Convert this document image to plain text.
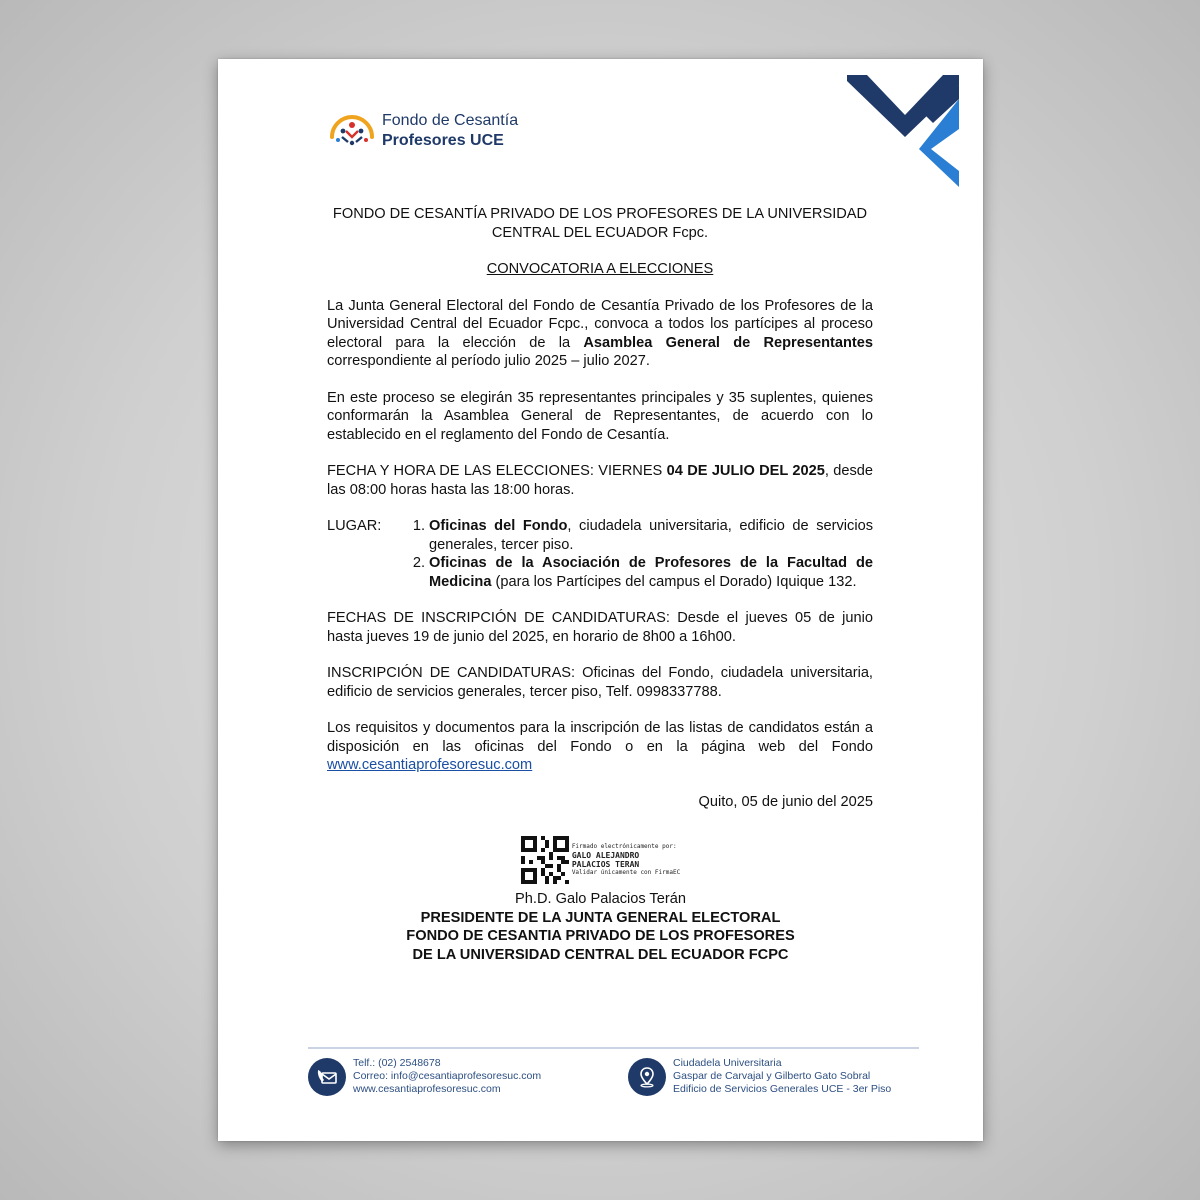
Fondo de Cesantía
Profesores UCE
FONDO DE CESANTÍA PRIVADO DE LOS PROFESORES DE LA UNIVERSIDAD
CENTRAL DEL ECUADOR Fcpc.
CONVOCATORIA A ELECCIONES
La Junta General Electoral del Fondo de Cesantía Privado de los Profesores de la Universidad Central del Ecuador Fcpc., convoca a todos los partícipes al proceso electoral para la elección de la Asamblea General de Representantes correspondiente al período julio 2025 – julio 2027.
En este proceso se elegirán 35 representantes principales y 35 suplentes, quienes conformarán la Asamblea General de Representantes, de acuerdo con lo establecido en el reglamento del Fondo de Cesantía.
FECHA Y HORA DE LAS ELECCIONES: VIERNES 04 DE JULIO DEL 2025, desde las 08:00 horas hasta las 18:00 horas.
LUGAR:	1. Oficinas del Fondo, ciudadela universitaria, edificio de servicios generales, tercer piso.
2. Oficinas de la Asociación de Profesores de la Facultad de Medicina (para los Partícipes del campus el Dorado) Iquique 132.
FECHAS DE INSCRIPCIÓN DE CANDIDATURAS: Desde el jueves 05 de junio hasta jueves 19 de junio del 2025, en horario de 8h00 a 16h00.
INSCRIPCIÓN DE CANDIDATURAS: Oficinas del Fondo, ciudadela universitaria, edificio de servicios generales, tercer piso, Telf. 0998337788.
Los requisitos y documentos para la inscripción de las listas de candidatos están a disposición en las oficinas del Fondo o en la página web del Fondo www.cesantiaprofesoresuc.com
Quito, 05 de junio del 2025
Firmado electrónicamente por:
GALO ALEJANDRO
PALACIOS TERAN
Validar únicamente con FirmaEC
Ph.D. Galo Palacios Terán
PRESIDENTE DE LA JUNTA GENERAL ELECTORAL
FONDO DE CESANTIA PRIVADO DE LOS PROFESORES
DE LA UNIVERSIDAD CENTRAL DEL ECUADOR FCPC
Telf.: (02) 2548678
Correo: info@cesantiaprofesoresuc.com
www.cesantiaprofesoresuc.com
Ciudadela Universitaria
Gaspar de Carvajal y Gilberto Gato Sobral
Edificio de Servicios Generales UCE - 3er Piso
